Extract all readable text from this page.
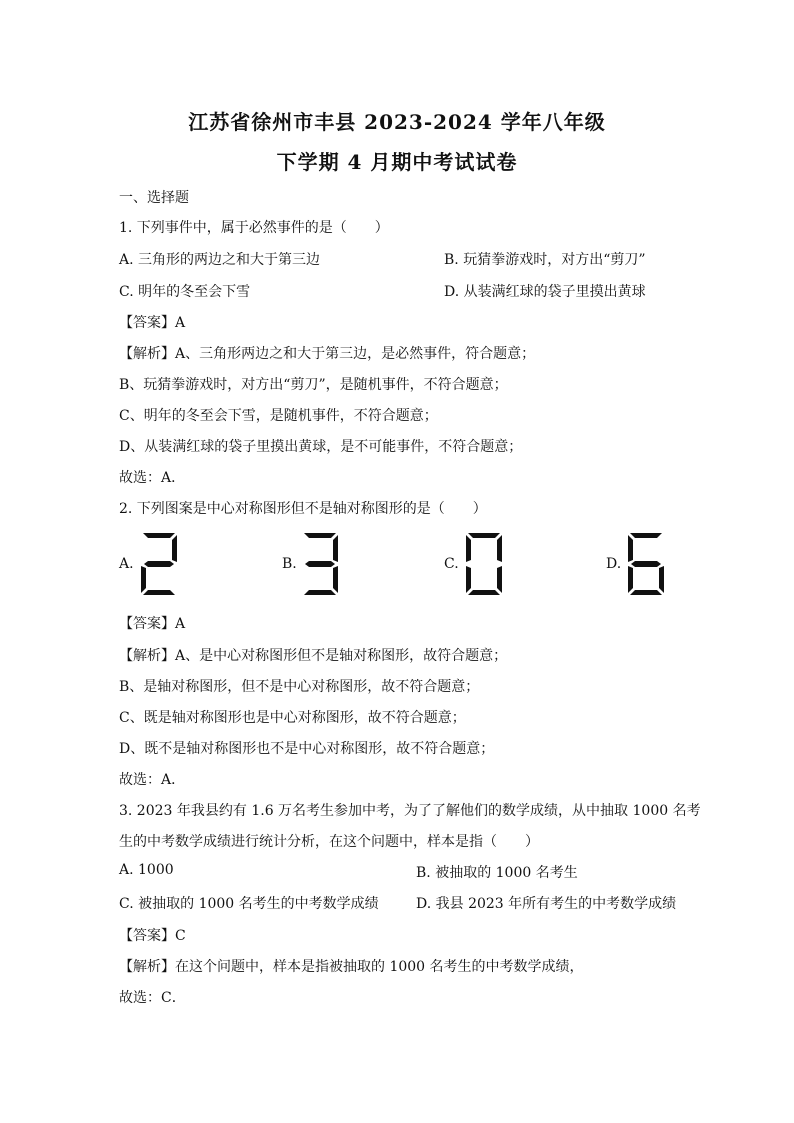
江苏省徐州市丰县 2023-2024 学年八年级
下学期 4 月期中考试试卷
一、选择题
1. 下列事件中，属于必然事件的是（　　）
A. 三角形的两边之和大于第三边	B. 玩猜拳游戏时，对方出“剪刀”
C. 明年的冬至会下雪	D. 从装满红球的袋子里摸出黄球
【答案】A
【解析】A、三角形两边之和大于第三边，是必然事件，符合题意；
B、玩猜拳游戏时，对方出“剪刀”，是随机事件，不符合题意；
C、明年的冬至会下雪，是随机事件，不符合题意；
D、从装满红球的袋子里摸出黄球，是不可能事件，不符合题意；
故选：A．
2. 下列图案是中心对称图形但不是轴对称图形的是（　　）
A.	B.	C.	D.
【答案】A
【解析】A、是中心对称图形但不是轴对称图形，故符合题意；
B、是轴对称图形，但不是中心对称图形，故不符合题意；
C、既是轴对称图形也是中心对称图形，故不符合题意；
D、既不是轴对称图形也不是中心对称图形，故不符合题意；
故选：A．
3. 2023 年我县约有 1.6 万名考生参加中考，为了了解他们的数学成绩，从中抽取 1000 名考
生的中考数学成绩进行统计分析，在这个问题中，样本是指（　　）
A. 1000	B. 被抽取的 1000 名考生
C. 被抽取的 1000 名考生的中考数学成绩	D. 我县 2023 年所有考生的中考数学成绩
【答案】C
【解析】在这个问题中，样本是指被抽取的 1000 名考生的中考数学成绩，
故选：C．
